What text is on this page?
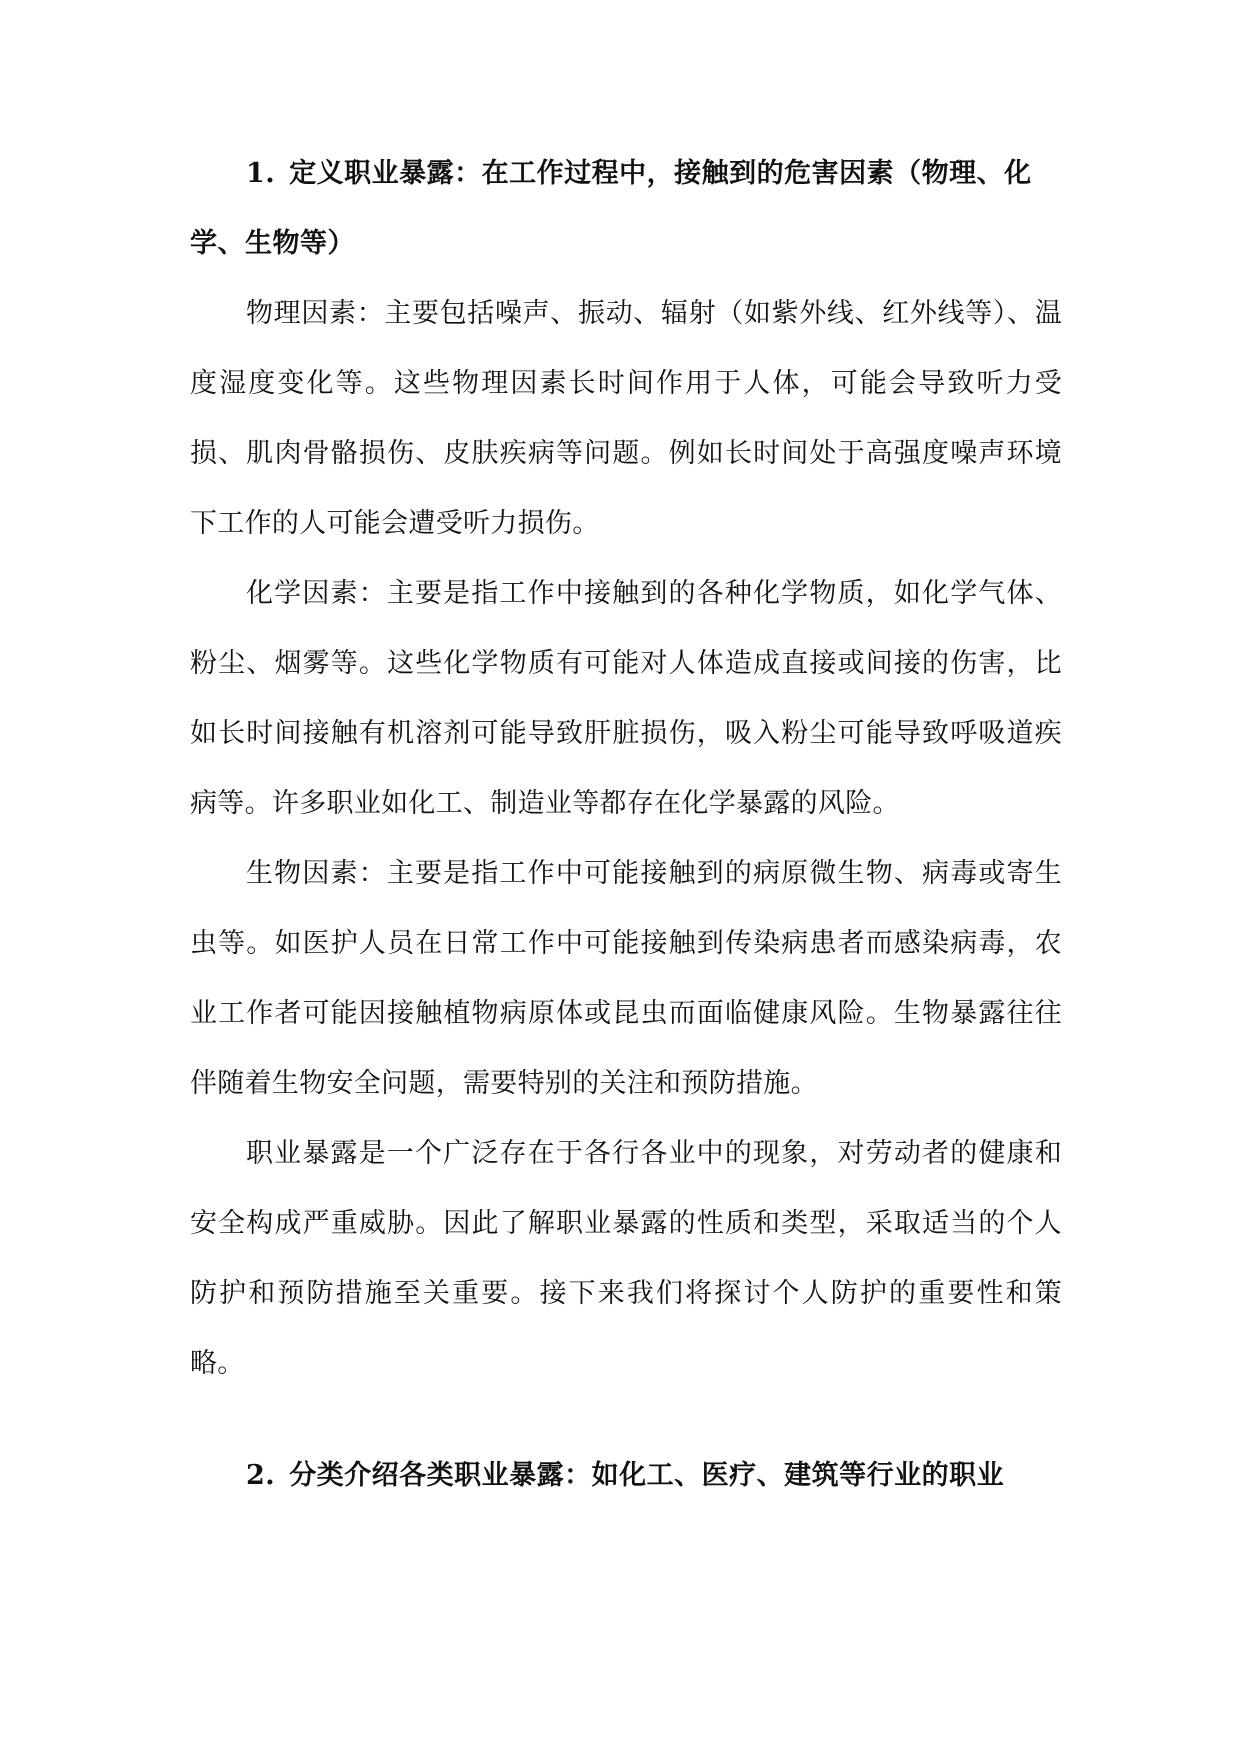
1. 定义职业暴露：在工作过程中，接触到的危害因素（物理、化学、生物等）

物理因素：主要包括噪声、振动、辐射（如紫外线、红外线等）、温度湿度变化等。这些物理因素长时间作用于人体，可能会导致听力受损、肌肉骨骼损伤、皮肤疾病等问题。例如长时间处于高强度噪声环境下工作的人可能会遭受听力损伤。

化学因素：主要是指工作中接触到的各种化学物质，如化学气体、粉尘、烟雾等。这些化学物质有可能对人体造成直接或间接的伤害，比如长时间接触有机溶剂可能导致肝脏损伤，吸入粉尘可能导致呼吸道疾病等。许多职业如化工、制造业等都存在化学暴露的风险。

生物因素：主要是指工作中可能接触到的病原微生物、病毒或寄生虫等。如医护人员在日常工作中可能接触到传染病患者而感染病毒，农业工作者可能因接触植物病原体或昆虫而面临健康风险。生物暴露往往伴随着生物安全问题，需要特别的关注和预防措施。

职业暴露是一个广泛存在于各行各业中的现象，对劳动者的健康和安全构成严重威胁。因此了解职业暴露的性质和类型，采取适当的个人防护和预防措施至关重要。接下来我们将探讨个人防护的重要性和策略。

2. 分类介绍各类职业暴露：如化工、医疗、建筑等行业的职业
